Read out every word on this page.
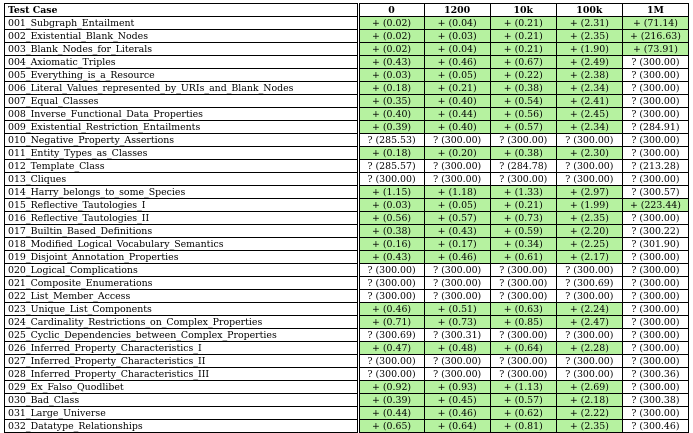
Test Case	0	1200	10k	100k	1M
001_Subgraph_Entailment	+ (0.02)	+ (0.04)	+ (0.21)	+ (2.31)	+ (71.14)
002_Existential_Blank_Nodes	+ (0.02)	+ (0.03)	+ (0.21)	+ (2.35)	+ (216.63)
003_Blank_Nodes_for_Literals	+ (0.02)	+ (0.04)	+ (0.21)	+ (1.90)	+ (73.91)
004_Axiomatic_Triples	+ (0.43)	+ (0.46)	+ (0.67)	+ (2.49)	? (300.00)
005_Everything_is_a_Resource	+ (0.03)	+ (0.05)	+ (0.22)	+ (2.38)	? (300.00)
006_Literal_Values_represented_by_URIs_and_Blank_Nodes	+ (0.18)	+ (0.21)	+ (0.38)	+ (2.34)	? (300.00)
007_Equal_Classes	+ (0.35)	+ (0.40)	+ (0.54)	+ (2.41)	? (300.00)
008_Inverse_Functional_Data_Properties	+ (0.40)	+ (0.44)	+ (0.56)	+ (2.45)	? (300.00)
009_Existential_Restriction_Entailments	+ (0.39)	+ (0.40)	+ (0.57)	+ (2.34)	? (284.91)
010_Negative_Property_Assertions	? (285.53)	? (300.00)	? (300.00)	? (300.00)	? (300.00)
011_Entity_Types_as_Classes	+ (0.18)	+ (0.20)	+ (0.38)	+ (2.30)	? (300.00)
012_Template_Class	? (285.57)	? (300.00)	? (284.78)	? (300.00)	? (213.28)
013_Cliques	? (300.00)	? (300.00)	? (300.00)	? (300.00)	? (300.00)
014_Harry_belongs_to_some_Species	+ (1.15)	+ (1.18)	+ (1.33)	+ (2.97)	? (300.57)
015_Reflective_Tautologies_I	+ (0.03)	+ (0.05)	+ (0.21)	+ (1.99)	+ (223.44)
016_Reflective_Tautologies_II	+ (0.56)	+ (0.57)	+ (0.73)	+ (2.35)	? (300.00)
017_Builtin_Based_Definitions	+ (0.38)	+ (0.43)	+ (0.59)	+ (2.20)	? (300.22)
018_Modified_Logical_Vocabulary_Semantics	+ (0.16)	+ (0.17)	+ (0.34)	+ (2.25)	? (301.90)
019_Disjoint_Annotation_Properties	+ (0.43)	+ (0.46)	+ (0.61)	+ (2.17)	? (300.00)
020_Logical_Complications	? (300.00)	? (300.00)	? (300.00)	? (300.00)	? (300.00)
021_Composite_Enumerations	? (300.00)	? (300.00)	? (300.00)	? (300.69)	? (300.00)
022_List_Member_Access	? (300.00)	? (300.00)	? (300.00)	? (300.00)	? (300.00)
023_Unique_List_Components	+ (0.46)	+ (0.51)	+ (0.63)	+ (2.24)	? (300.00)
024_Cardinality_Restrictions_on_Complex_Properties	+ (0.71)	+ (0.73)	+ (0.85)	+ (2.47)	? (300.00)
025_Cyclic_Dependencies_between_Complex_Properties	? (300.69)	? (300.31)	? (300.00)	? (300.00)	? (300.00)
026_Inferred_Property_Characteristics_I	+ (0.47)	+ (0.48)	+ (0.64)	+ (2.28)	? (300.00)
027_Inferred_Property_Characteristics_II	? (300.00)	? (300.00)	? (300.00)	? (300.00)	? (300.00)
028_Inferred_Property_Characteristics_III	? (300.00)	? (300.00)	? (300.00)	? (300.00)	? (300.36)
029_Ex_Falso_Quodlibet	+ (0.92)	+ (0.93)	+ (1.13)	+ (2.69)	? (300.00)
030_Bad_Class	+ (0.39)	+ (0.45)	+ (0.57)	+ (2.18)	? (300.38)
031_Large_Universe	+ (0.44)	+ (0.46)	+ (0.62)	+ (2.22)	? (300.00)
032_Datatype_Relationships	+ (0.65)	+ (0.64)	+ (0.81)	+ (2.35)	? (300.46)
